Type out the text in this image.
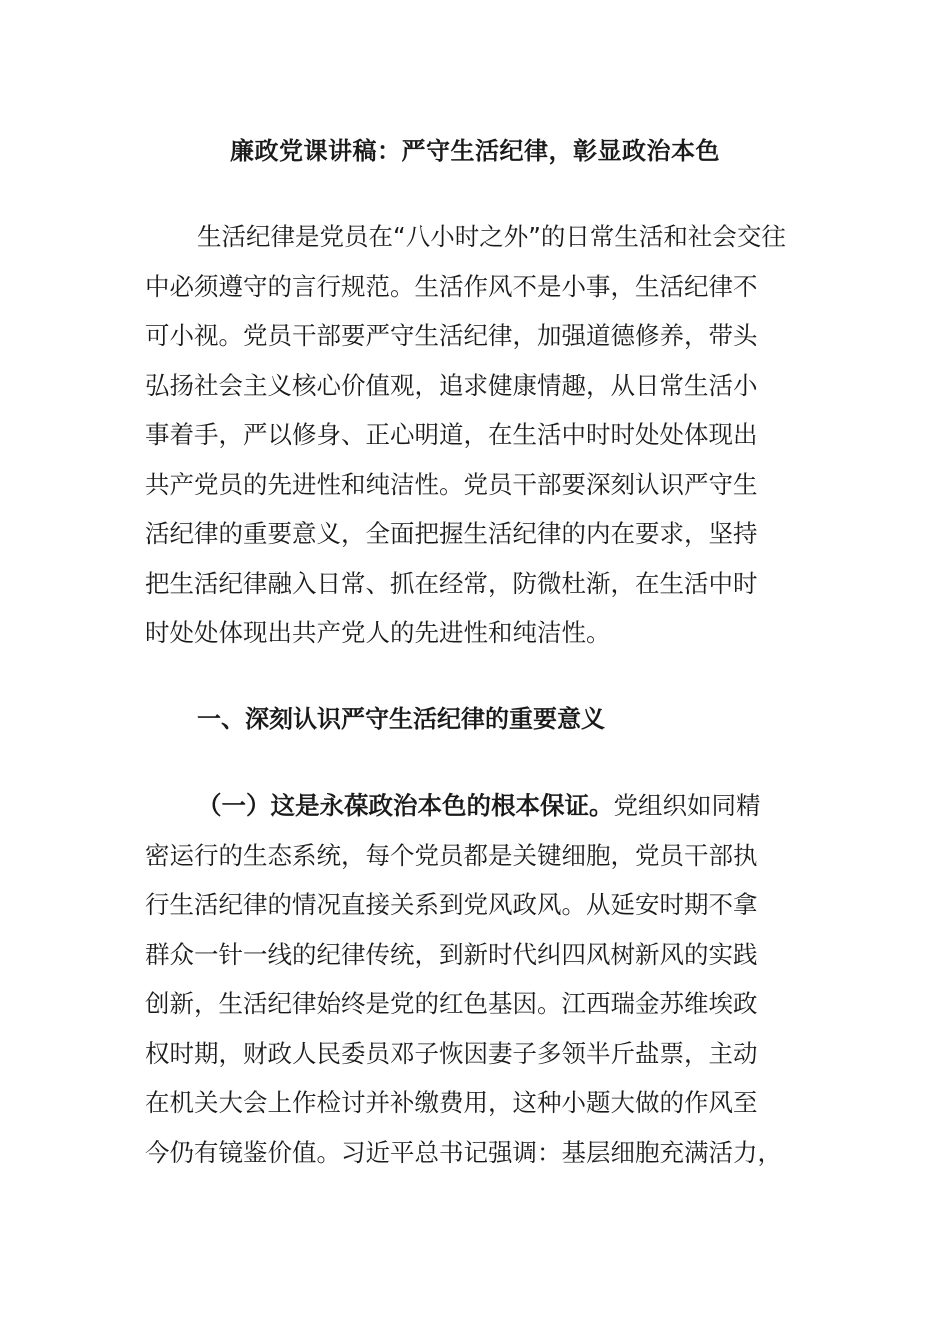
廉政党课讲稿：严守生活纪律，彰显政治本色
生活纪律是党员在“八小时之外”的日常生活和社会交往
中必须遵守的言行规范。生活作风不是小事，生活纪律不
可小视。党员干部要严守生活纪律，加强道德修养，带头
弘扬社会主义核心价值观，追求健康情趣，从日常生活小
事着手，严以修身、正心明道，在生活中时时处处体现出
共产党员的先进性和纯洁性。党员干部要深刻认识严守生
活纪律的重要意义，全面把握生活纪律的内在要求，坚持
把生活纪律融入日常、抓在经常，防微杜渐，在生活中时
时处处体现出共产党人的先进性和纯洁性。
一、深刻认识严守生活纪律的重要意义
（一）这是永葆政治本色的根本保证。党组织如同精
密运行的生态系统，每个党员都是关键细胞，党员干部执
行生活纪律的情况直接关系到党风政风。从延安时期不拿
群众一针一线的纪律传统，到新时代纠四风树新风的实践
创新，生活纪律始终是党的红色基因。江西瑞金苏维埃政
权时期，财政人民委员邓子恢因妻子多领半斤盐票，主动
在机关大会上作检讨并补缴费用，这种小题大做的作风至
今仍有镜鉴价值。习近平总书记强调：基层细胞充满活力，
